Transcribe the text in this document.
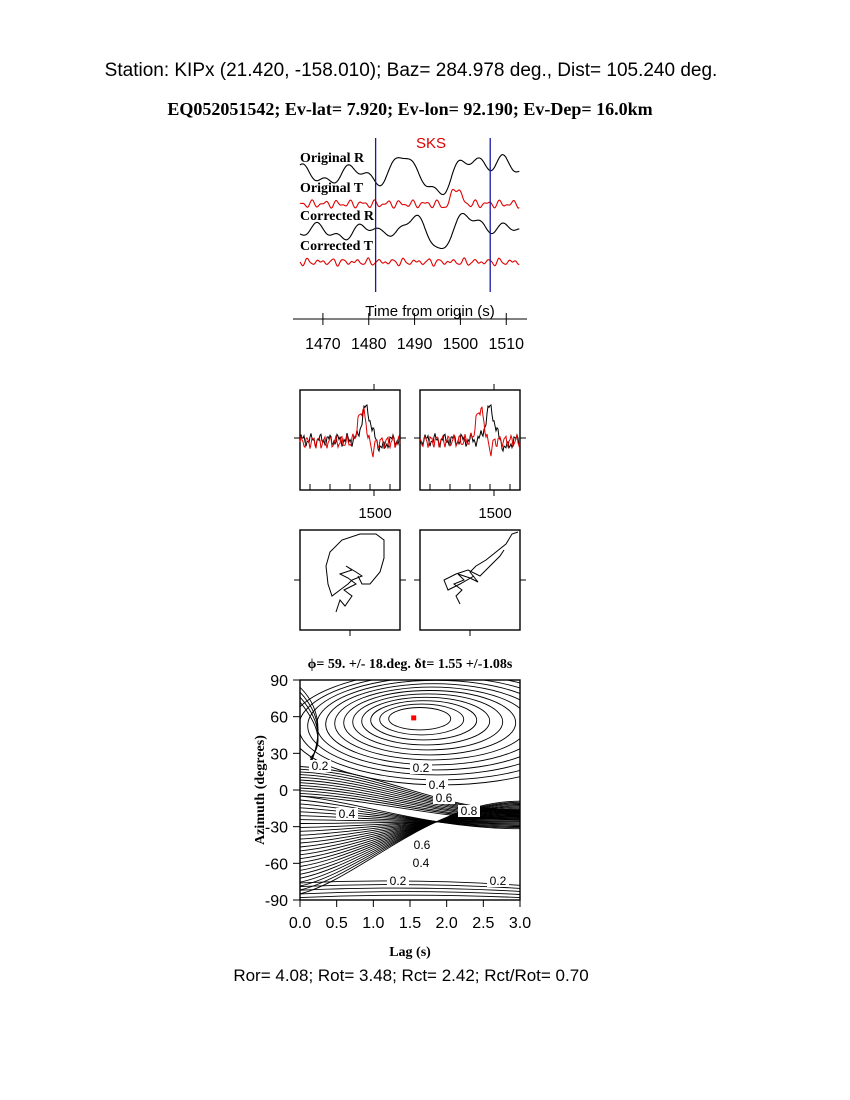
Station: KIPx (21.420, -158.010); Baz= 284.978 deg., Dist= 105.240 deg.
EQ052051542; Ev-lat= 7.920; Ev-lon= 92.190; Ev-Dep= 16.0km
SKS
Original R
Original T
Corrected R
Corrected T
Time from origin (s)
1470 1480 1490 1500 1510
1500	1500
ϕ= 59. +/- 18.deg. δt= 1.55 +/-1.08s
0.2	0.2
0.4
0.6
0.8
0.4
0.6
0.4
0.2	0.2
0.0 0.5 1.0 1.5 2.0 2.5 3.0
90
60
30
0
-30
-60
-90
Lag (s)
Azimuth (degrees)
Ror= 4.08; Rot= 3.48; Rct= 2.42; Rct/Rot= 0.70
